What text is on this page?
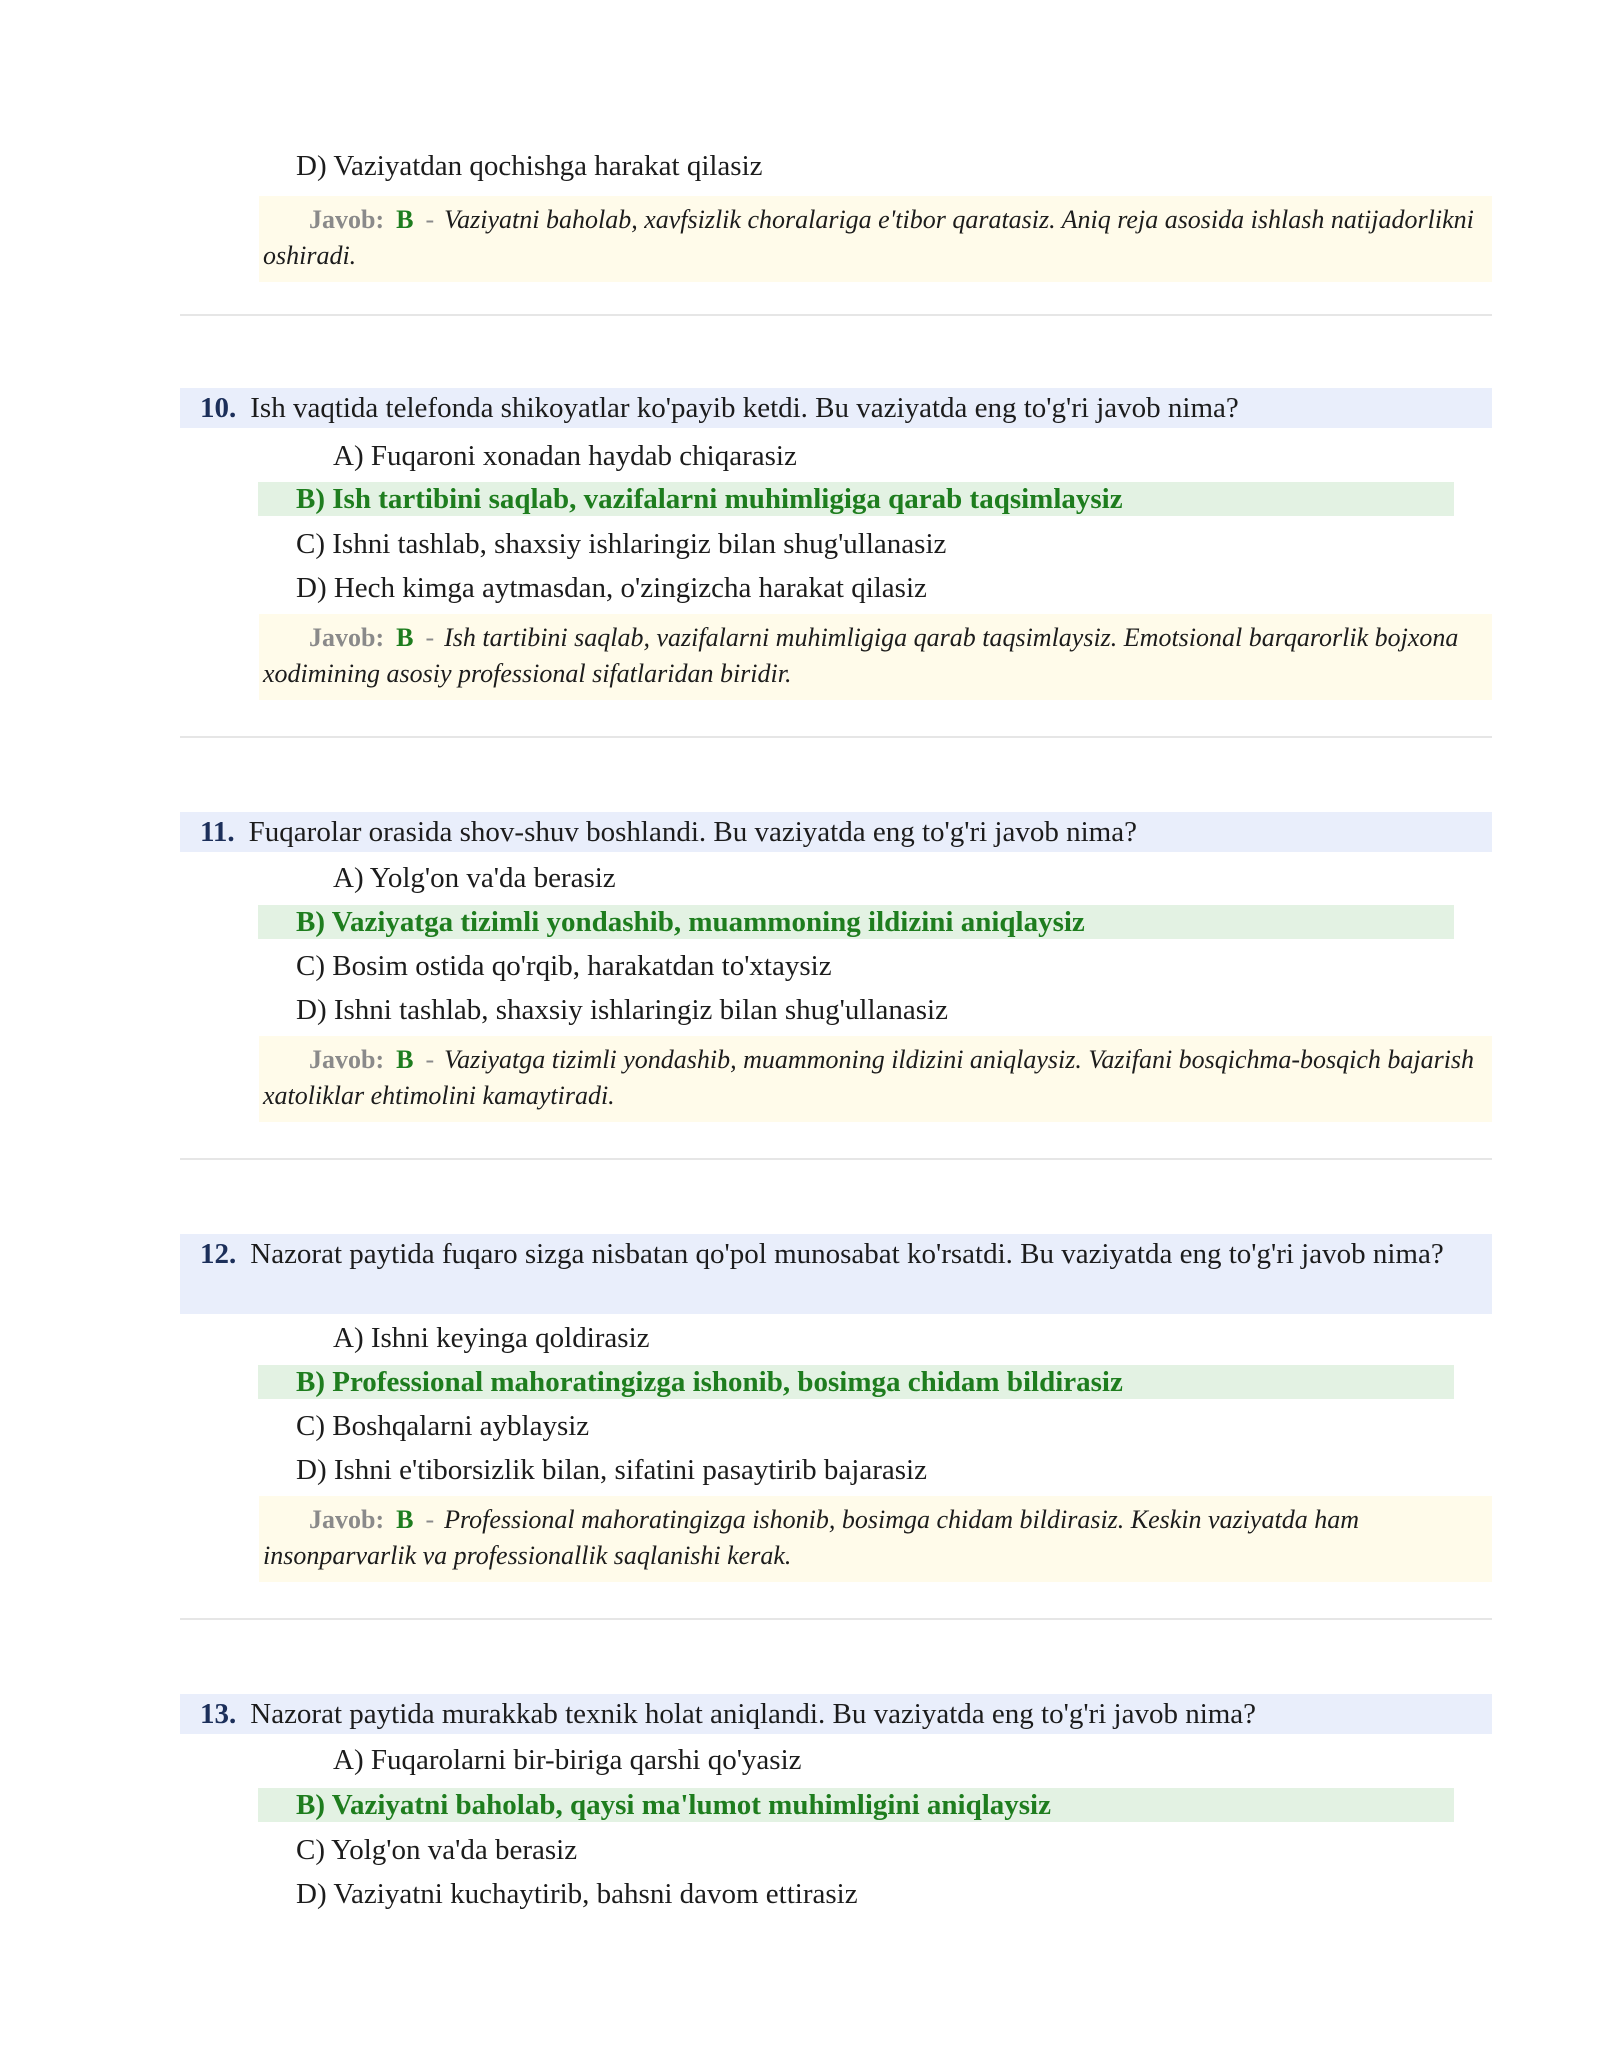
D) Vaziyatdan qochishga harakat qilasiz
Javob: B - Vaziyatni baholab, xavfsizlik choralariga e'tibor qaratasiz. Aniq reja asosida ishlash natijadorlikni oshiradi.
10. Ish vaqtida telefonda shikoyatlar ko'payib ketdi. Bu vaziyatda eng to'g'ri javob nima?
A) Fuqaroni xonadan haydab chiqarasiz
B) Ish tartibini saqlab, vazifalarni muhimligiga qarab taqsimlaysiz
C) Ishni tashlab, shaxsiy ishlaringiz bilan shug'ullanasiz
D) Hech kimga aytmasdan, o'zingizcha harakat qilasiz
Javob: B - Ish tartibini saqlab, vazifalarni muhimligiga qarab taqsimlaysiz. Emotsional barqarorlik bojxona xodimining asosiy professional sifatlaridan biridir.
11. Fuqarolar orasida shov-shuv boshlandi. Bu vaziyatda eng to'g'ri javob nima?
A) Yolg'on va'da berasiz
B) Vaziyatga tizimli yondashib, muammoning ildizini aniqlaysiz
C) Bosim ostida qo'rqib, harakatdan to'xtaysiz
D) Ishni tashlab, shaxsiy ishlaringiz bilan shug'ullanasiz
Javob: B - Vaziyatga tizimli yondashib, muammoning ildizini aniqlaysiz. Vazifani bosqichma-bosqich bajarish xatoliklar ehtimolini kamaytiradi.
12. Nazorat paytida fuqaro sizga nisbatan qo'pol munosabat ko'rsatdi. Bu vaziyatda eng to'g'ri javob nima?
A) Ishni keyinga qoldirasiz
B) Professional mahoratingizga ishonib, bosimga chidam bildirasiz
C) Boshqalarni ayblaysiz
D) Ishni e'tiborsizlik bilan, sifatini pasaytirib bajarasiz
Javob: B - Professional mahoratingizga ishonib, bosimga chidam bildirasiz. Keskin vaziyatda ham insonparvarlik va professionallik saqlanishi kerak.
13. Nazorat paytida murakkab texnik holat aniqlandi. Bu vaziyatda eng to'g'ri javob nima?
A) Fuqarolarni bir-biriga qarshi qo'yasiz
B) Vaziyatni baholab, qaysi ma'lumot muhimligini aniqlaysiz
C) Yolg'on va'da berasiz
D) Vaziyatni kuchaytirib, bahsni davom ettirasiz
